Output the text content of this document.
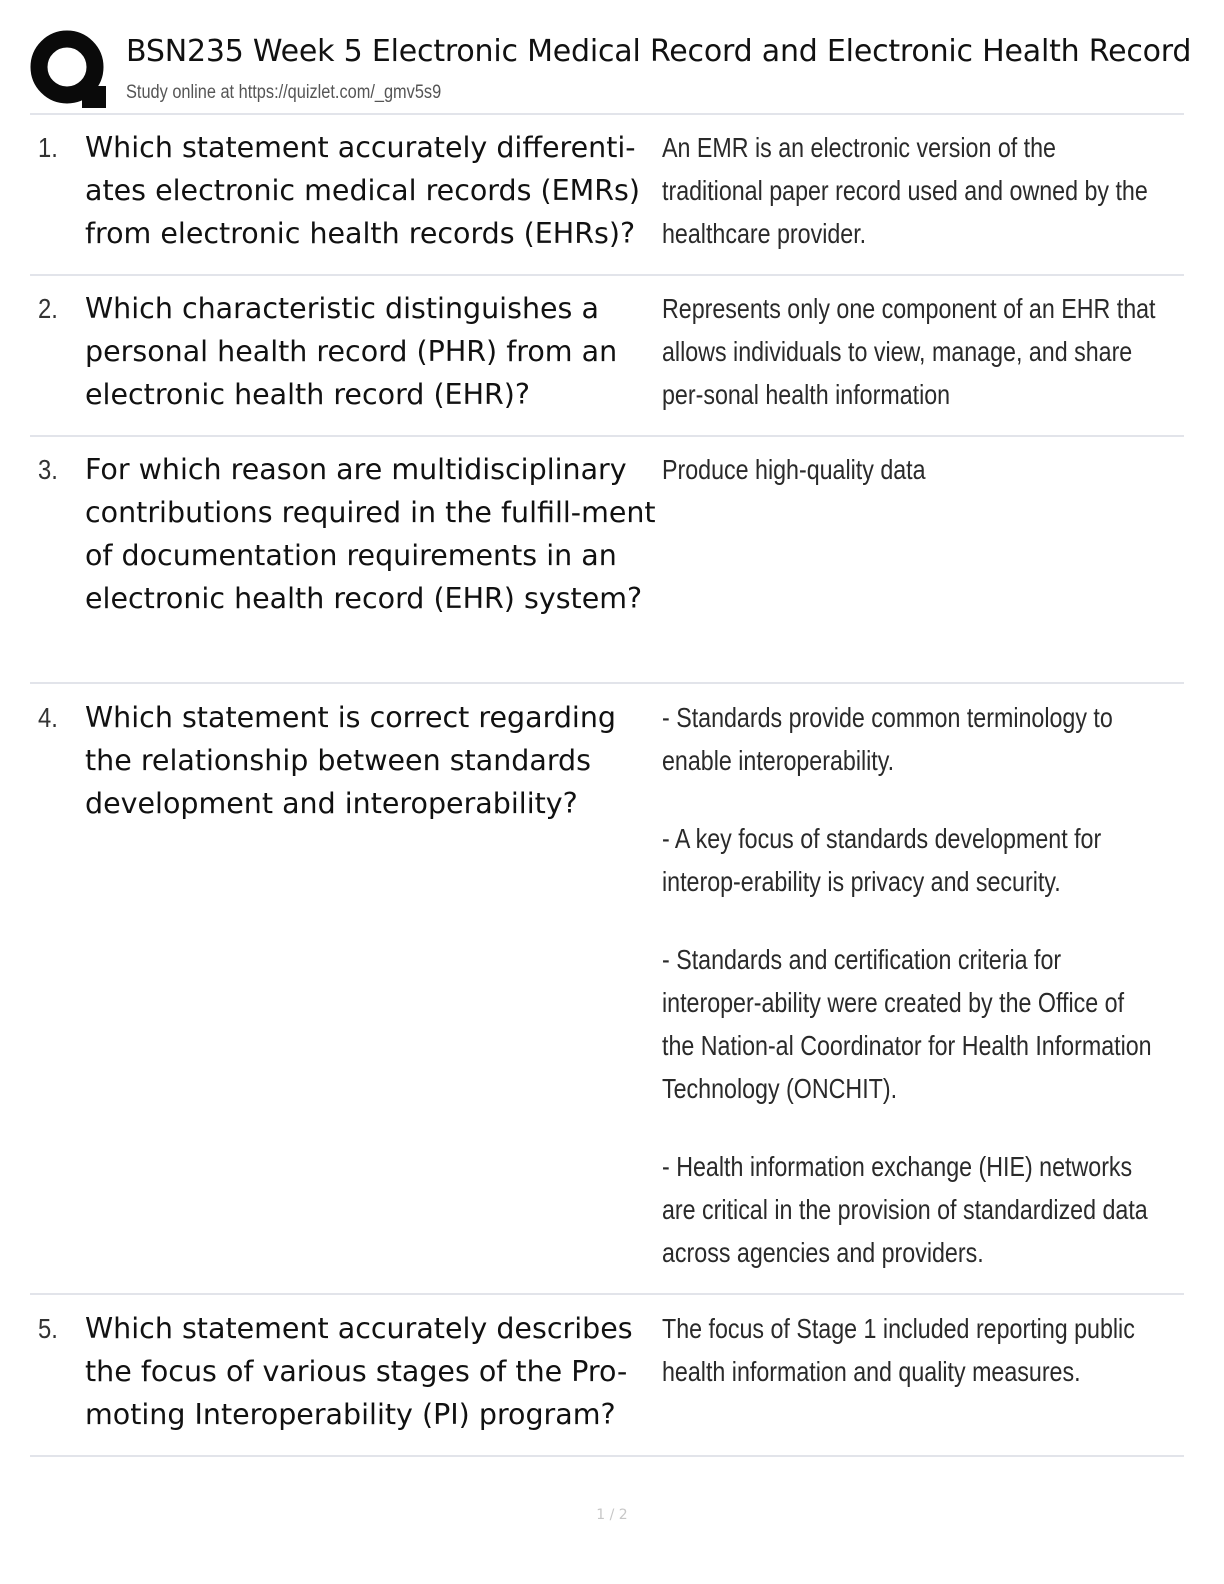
BSN235 Week 5 Electronic Medical Record and Electronic Health Record
Study online at https://quizlet.com/_gmv5s9
1. Which statement accurately differenti-ates electronic medical records (EMRs) from electronic health records (EHRs)?

An EMR is an electronic version of the traditional paper record used and owned by the healthcare provider.

2. Which characteristic distinguishes a personal health record (PHR) from an electronic health record (EHR)?

Represents only one component of an EHR that allows individuals to view, manage, and share per-sonal health information

3. For which reason are multidisciplinary contributions required in the fulfill-ment of documentation requirements in an electronic health record (EHR) system?

Produce high-quality data

4. Which statement is correct regarding the relationship between standards development and interoperability?

- Standards provide common terminology to enable interoperability.

- A key focus of standards development for interop-erability is privacy and security.

- Standards and certification criteria for interoper-ability were created by the Office of the Nation-al Coordinator for Health Information Technology (ONCHIT).

- Health information exchange (HIE) networks are critical in the provision of standardized data across agencies and providers.

5. Which statement accurately describes the focus of various stages of the Pro-moting Interoperability (PI) program?

The focus of Stage 1 included reporting public health information and quality measures.

1 / 2
